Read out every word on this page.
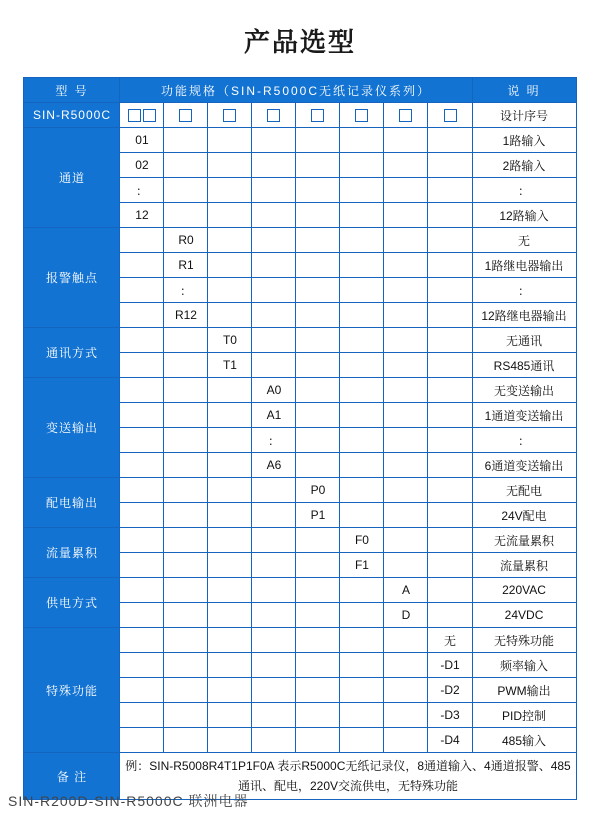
产品选型
型 号	功能规格（SIN-R5000C无纸记录仪系列）								说 明
SIN-R5000C									设计序号
通道	01								1路输入
	02								2路输入
	：								：
	12								12路输入
报警触点		R0							无
		R1							1路继电器输出
		：							：
		R12							12路继电器输出
通讯方式			T0						无通讯
			T1						RS485通讯
变送输出				A0					无变送输出
				A1					1通道变送输出
				：					：
				A6					6通道变送输出
配电输出					P0				无配电
					P1				24V配电
流量累积						F0			无流量累积
						F1			流量累积
供电方式							A		220VAC
							D		24VDC
特殊功能								无	无特殊功能
								-D1	频率输入
								-D2	PWM输出
								-D3	PID控制
								-D4	485输入
备 注	例：SIN-R5008R4T1P1F0A 表示R5000C无纸记录仪，8通道输入、4通道报警、485通讯、配电，220V交流供电，无特殊功能								
SIN-R200D-SIN-R5000C 联洲电器
